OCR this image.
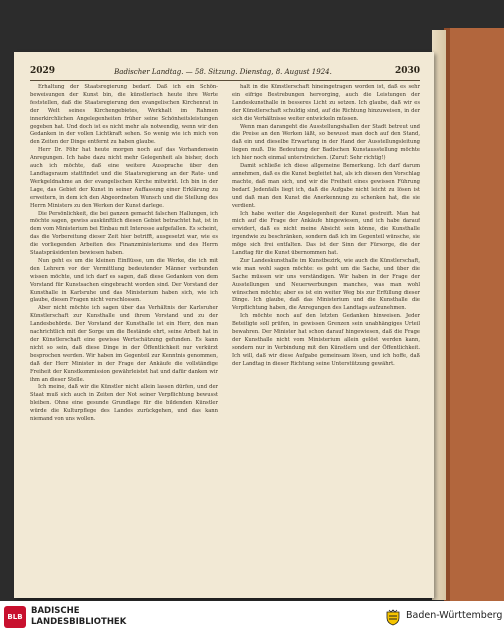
2029	Badischer Landtag. — 58. Sitzung. Dienstag, 8. August 1924.	2030

Erhaltung der Staatsregierung bedarf. Daß ich ein Schön-beweisungen der Kunst bin, die künstlerisch heute ihre Werte feststellen, daß die Staatsregierung den evangelischen Kirchenrat in der Welt seines Kirchengebietes, Werkhalt im Rahmen innerkirchlichen Angelegenheiten früher seine Schönheitsleistungen gegeben hat. Und doch ist es nicht mehr als notwendig, wenn wir den Gedanken in der vollen Lichtkraft sehen. So wenig wie ich mich von den Zeiten der Dinge entfernt zu haben glaube.

Herr Dr. Föhr hat heute morgen noch auf das Vorhandensein Anregungen. Ich habe dazu nicht mehr Gelegenheit als bisher, doch auch ich möchte, daß eine weitere Aussprache über den Landtagsraum stattfindet und die Staatsregierung an der Rate- und Werkgeldnahme an der evangelischen Kirche mitwirkt. Ich bin in der Lage, das Gebiet der Kunst in seiner Auffassung einer Erklärung zu erweitern, in dem ich den Abgeordneten Wunsch und die Stellung des Herrn Ministers zu den Werken der Kunst darlege.

Die Persönlichkeit, die bei ganzen gemacht falschen Hallungen, ich möchte sagen, gewiss auskünftlich diesen Gebiet betrachtet hat, ist in dem vom Ministerium bei Einbau mit Interesse aufgefallen. Es scheint, das die Vorbereitung dieser Zeit hier betrifft, ausgesetzt war, wie es die vorliegenden Arbeiten des Finanzministeriums und des Herrn Staatspräsidenten bewiesen haben.

Nun geht es um die kleinen Einflüsse, um die Werke, die ich mit den Lehrern vor der Vermittlung bedeutender Männer verbunden wissen möchte, und ich darf es sagen, daß diese Gedanken von dem Vorstand für Kunstsachen eingebracht worden sind. Der Vorstand der Kunsthalle in Karlsruhe und das Ministerium haben sich, wie ich glaube, diesen Fragen nicht verschlossen.

Aber nicht möchte ich sagen über das Verhältnis der Karlsruher Künstlerschaft zur Kunsthalle und ihrem Vorstand und zu der Landesbehörde. Der Vorstand der Kunsthalle ist ein Herr, den man nachrichtlich mit der Sorge um die Bestände ehrt, seine Arbeit hat in der Künstlerschaft eine gewisse Wertschätzung gefunden. Es kann nicht so sein, daß diese Dinge in der Öffentlichkeit nur verkürzt besprochen werden. Wir haben im Gegenteil zur Kenntnis genommen, daß der Herr Minister in der Frage der Ankäufe die vollständige Freiheit der Kunstkommission gewährleistet hat und dafür danken wir ihm an dieser Stelle.

Ich meine, daß wir die Künstler nicht allein lassen dürfen, und der Staat muß sich auch in Zeiten der Not seiner Verpflichtung bewusst bleiben. Ohne eine gesunde Grundlage für die bildenden Künstler würde die Kulturpflege des Landes zurückgehen, und das kann niemand von uns wollen.

halt in die Künstlerschaft hineingetragen worden ist, daß es sehr ein eifrige Bestrebungen hervorging, auch die Leistungen der Landeskunsthalle in besseres Licht zu setzen. Ich glaube, daß wir es der Künstlerschaft schuldig sind, auf die Richtung hinzuweisen, in der sich die Verhältnisse weiter entwickeln müssen.

Wenn man darangeht die Ausstellungshallen der Stadt betreut und die Preise an den Werken läßt, so bewusst man doch auf den Stand, daß ein und dieselbe Erwartung in der Hand der Ausstellungsleitung liegen muß. Die Bedeutung der Badischen Kunstausstellung möchte ich hier noch einmal unterstreichen. (Zuruf: Sehr richtig!)

Damit schließe ich diese allgemeine Bemerkung. Ich darf darum annehmen, daß es die Kunst begleitet hat, als ich diesen den Vorschlag machte, daß man sich, und wir die Freiheit eines gewissen Führung bedarf. Jedenfalls liegt ich, daß die Aufgabe nicht leicht zu lösen ist und daß man den Kunst die Anerkennung zu schenken hat, die sie verdient.

Ich habe weiter die Angelegenheit der Kunst gestreift. Man hat mich auf die Frage der Ankäufe hingewiesen, und ich habe darauf erwidert, daß es nicht meine Absicht sein könne, die Kunsthalle irgendwie zu beschränken, sondern daß ich im Gegenteil wünsche, sie möge sich frei entfalten. Das ist der Sinn der Fürsorge, die der Landtag für die Kunst übernommen hat.

Zur Landeskunsthalle im Kunstbezirk, wie auch die Künstlerschaft, wie man wohl sagen möchte: es geht um die Sache, und über die Sache müssen wir uns verständigen. Wir haben in der Frage der Ausstellungen und Neuerwerbungen manches, was man wohl wünschen möchte; aber es ist ein weiter Weg bis zur Erfüllung dieser Dinge. Ich glaube, daß das Ministerium und die Kunsthalle die Verpflichtung haben, die Anregungen des Landtags aufzunehmen.

Ich möchte noch auf den letzten Gedanken hinweisen. Jeder Beteiligte soll prüfen, in gewissen Grenzen sein unabhängiges Urteil bewahren. Der Minister hat schon darauf hingewiesen, daß die Frage der Kunsthalle nicht vom Ministerium allein gelöst werden kann, sondern nur in Verbindung mit den Künstlern und der Öffentlichkeit. Ich will, daß wir diese Aufgabe gemeinsam lösen, und ich hoffe, daß der Landtag in dieser Richtung seine Unterstützung gewährt.

BLB
BADISCHE
LANDESBIBLIOTHEK
Baden-Württemberg
